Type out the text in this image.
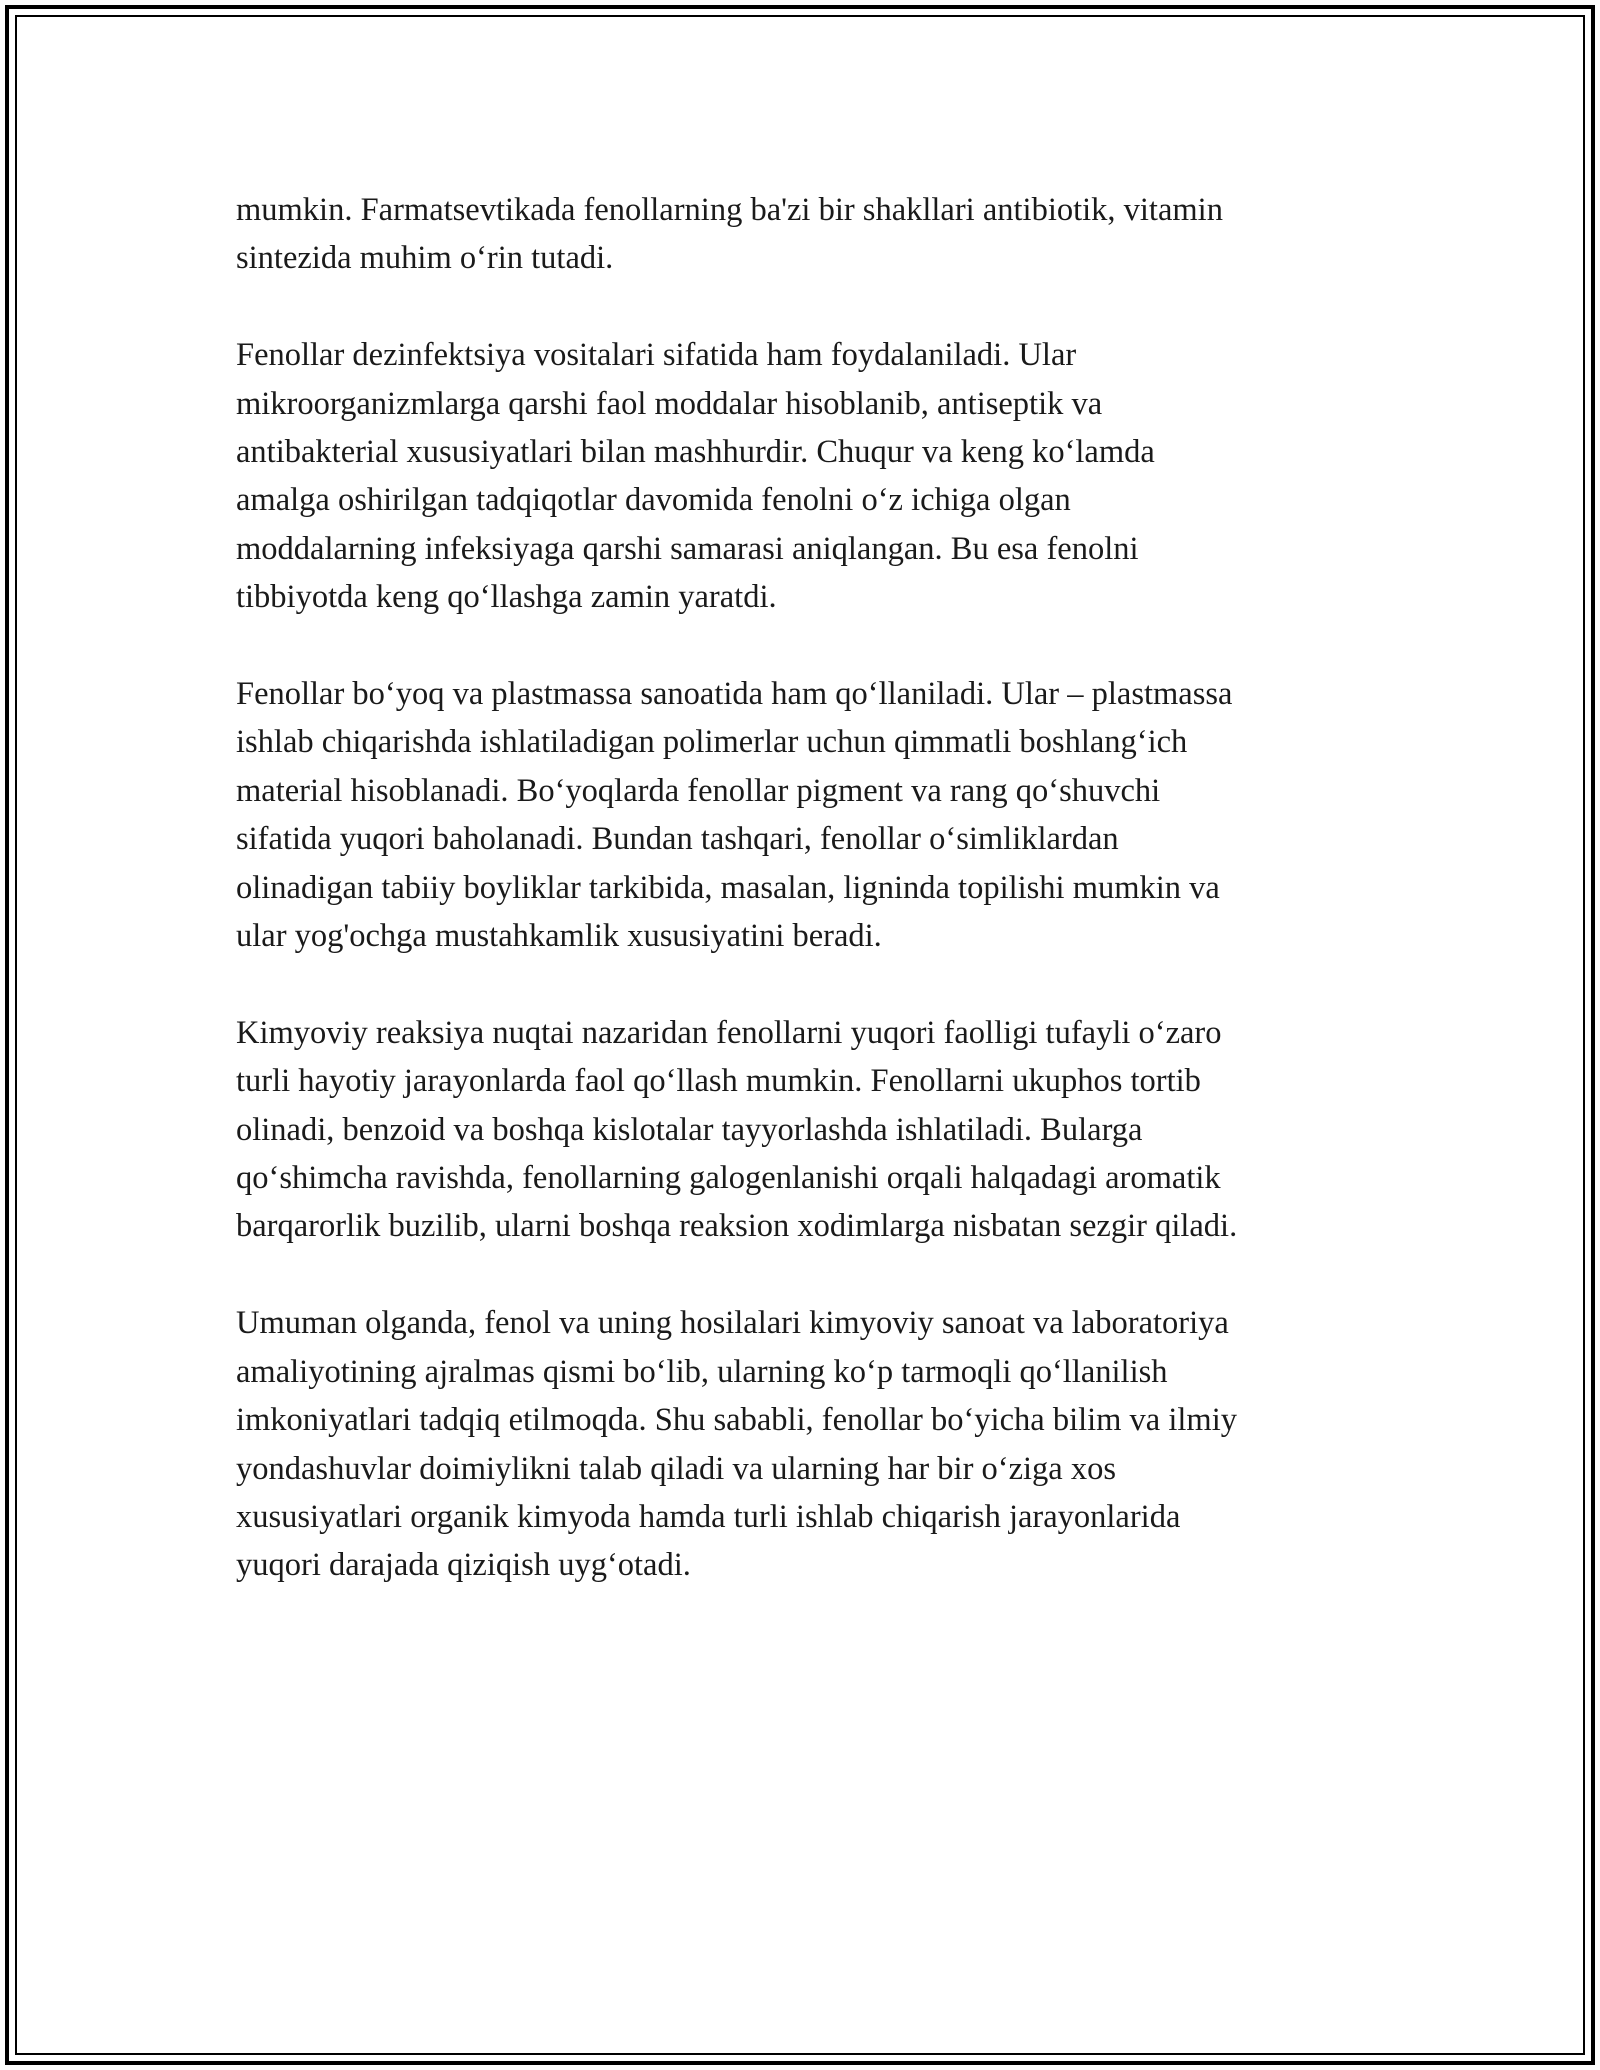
mumkin. Farmatsevtikada fenollarning ba'zi bir shakllari antibiotik, vitamin
sintezida muhim o‘rin tutadi.

Fenollar dezinfektsiya vositalari sifatida ham foydalaniladi. Ular
mikroorganizmlarga qarshi faol moddalar hisoblanib, antiseptik va
antibakterial xususiyatlari bilan mashhurdir. Chuqur va keng ko‘lamda
amalga oshirilgan tadqiqotlar davomida fenolni o‘z ichiga olgan
moddalarning infeksiyaga qarshi samarasi aniqlangan. Bu esa fenolni
tibbiyotda keng qo‘llashga zamin yaratdi.

Fenollar bo‘yoq va plastmassa sanoatida ham qo‘llaniladi. Ular – plastmassa
ishlab chiqarishda ishlatiladigan polimerlar uchun qimmatli boshlang‘ich
material hisoblanadi. Bo‘yoqlarda fenollar pigment va rang qo‘shuvchi
sifatida yuqori baholanadi. Bundan tashqari, fenollar o‘simliklardan
olinadigan tabiiy boyliklar tarkibida, masalan, ligninda topilishi mumkin va
ular yog'ochga mustahkamlik xususiyatini beradi.

Kimyoviy reaksiya nuqtai nazaridan fenollarni yuqori faolligi tufayli o‘zaro
turli hayotiy jarayonlarda faol qo‘llash mumkin. Fenollarni ukuphos tortib
olinadi, benzoid va boshqa kislotalar tayyorlashda ishlatiladi. Bularga
qo‘shimcha ravishda, fenollarning galogenlanishi orqali halqadagi aromatik
barqarorlik buzilib, ularni boshqa reaksion xodimlarga nisbatan sezgir qiladi.

Umuman olganda, fenol va uning hosilalari kimyoviy sanoat va laboratoriya
amaliyotining ajralmas qismi bo‘lib, ularning ko‘p tarmoqli qo‘llanilish
imkoniyatlari tadqiq etilmoqda. Shu sababli, fenollar bo‘yicha bilim va ilmiy
yondashuvlar doimiylikni talab qiladi va ularning har bir o‘ziga xos
xususiyatlari organik kimyoda hamda turli ishlab chiqarish jarayonlarida
yuqori darajada qiziqish uyg‘otadi.
